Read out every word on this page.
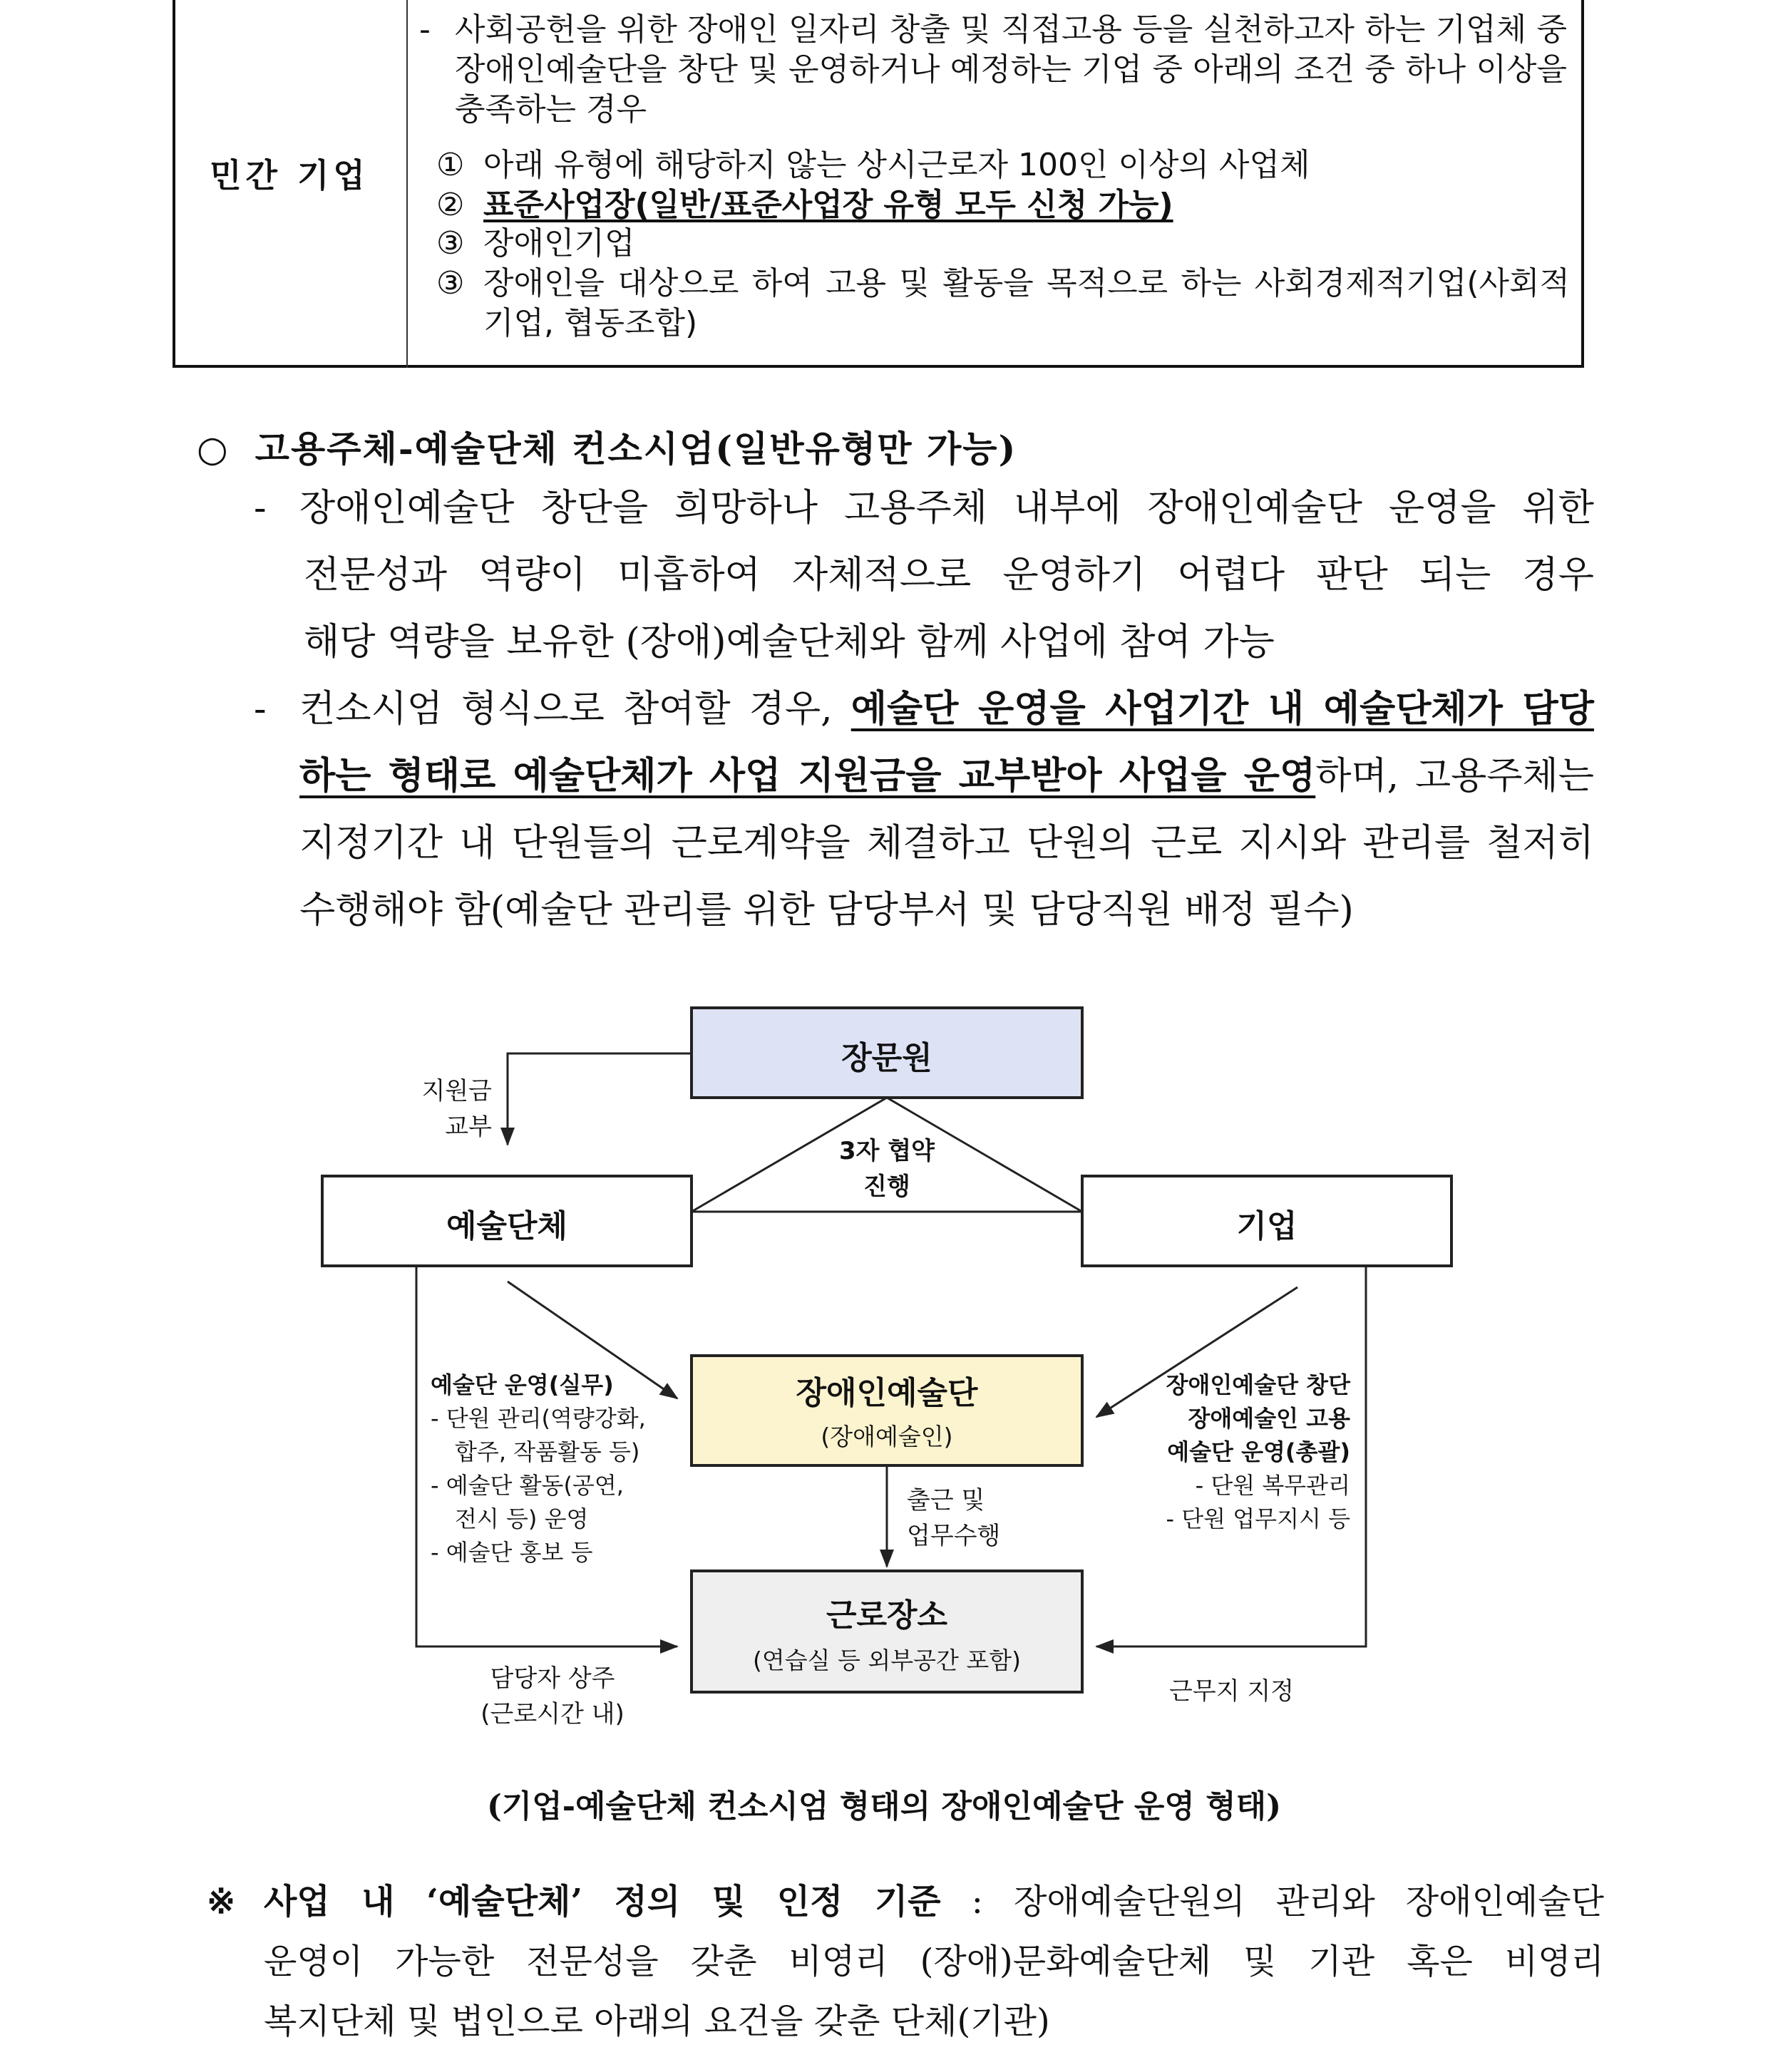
민간 기업
- 사회공헌을 위한 장애인 일자리 창출 및 직접고용 등을 실천하고자 하는 기업체 중 장애인예술단을 창단 및 운영하거나 예정하는 기업 중 아래의 조건 중 하나 이상을 충족하는 경우
① 아래 유형에 해당하지 않는 상시근로자 100인 이상의 사업체
② 표준사업장(일반/표준사업장 유형 모두 신청 가능)
③ 장애인기업
③ 장애인을 대상으로 하여 고용 및 활동을 목적으로 하는 사회경제적기업(사회적기업, 협동조합)
○ 고용주체-예술단체 컨소시엄(일반유형만 가능)
- 장애인예술단 창단을 희망하나 고용주체 내부에 장애인예술단 운영을 위한
전문성과 역량이 미흡하여 자체적으로 운영하기 어렵다 판단 되는 경우
해당 역량을 보유한 (장애)예술단체와 함께 사업에 참여 가능
- 컨소시엄 형식으로 참여할 경우, 예술단 운영을 사업기간 내 예술단체가 담당
하는 형태로 예술단체가 사업 지원금을 교부받아 사업을 운영하며, 고용주체는
지정기간 내 단원들의 근로계약을 체결하고 단원의 근로 지시와 관리를 철저히
수행해야 함(예술단 관리를 위한 담당부서 및 담당직원 배정 필수)
장문원
예술단체	기업
장애인예술단
(장애예술인)
근로장소
(연습실 등 외부공간 포함)
3자 협약
진행
지원금
교부
예술단 운영(실무)
- 단원 관리(역량강화,
합주, 작품활동 등)
- 예술단 활동(공연,
전시 등) 운영
- 예술단 홍보 등
장애인예술단 창단
장애예술인 고용
예술단 운영(총괄)
- 단원 복무관리
- 단원 업무지시 등
출근 및
업무수행
담당자 상주
(근로시간 내)
근무지 지정
(기업-예술단체 컨소시엄 형태의 장애인예술단 운영 형태)
※ 사업 내 ‘예술단체’ 정의 및 인정 기준 : 장애예술단원의 관리와 장애인예술단
운영이 가능한 전문성을 갖춘 비영리 (장애)문화예술단체 및 기관 혹은 비영리
복지단체 및 법인으로 아래의 요건을 갖춘 단체(기관)
